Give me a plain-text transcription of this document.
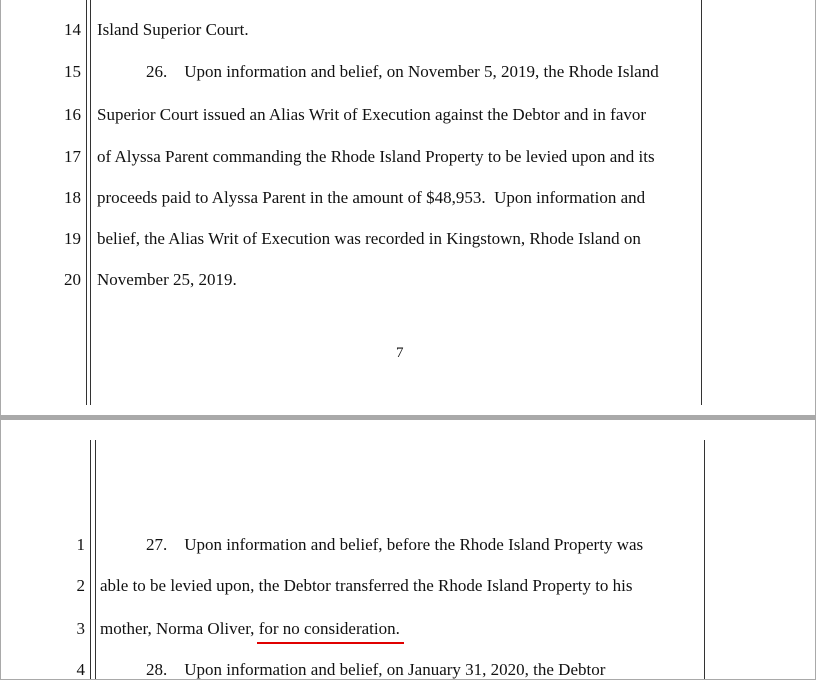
14 Island Superior Court.
15	26.    Upon information and belief, on November 5, 2019, the Rhode Island
16 Superior Court issued an Alias Writ of Execution against the Debtor and in favor
17 of Alyssa Parent commanding the Rhode Island Property to be levied upon and its
18 proceeds paid to Alyssa Parent in the amount of $48,953.  Upon information and
19 belief, the Alias Writ of Execution was recorded in Kingstown, Rhode Island on
20 November 25, 2019.
7
1	27.    Upon information and belief, before the Rhode Island Property was
2 able to be levied upon, the Debtor transferred the Rhode Island Property to his
3 mother, Norma Oliver, for no consideration.
4	28.    Upon information and belief, on January 31, 2020, the Debtor
